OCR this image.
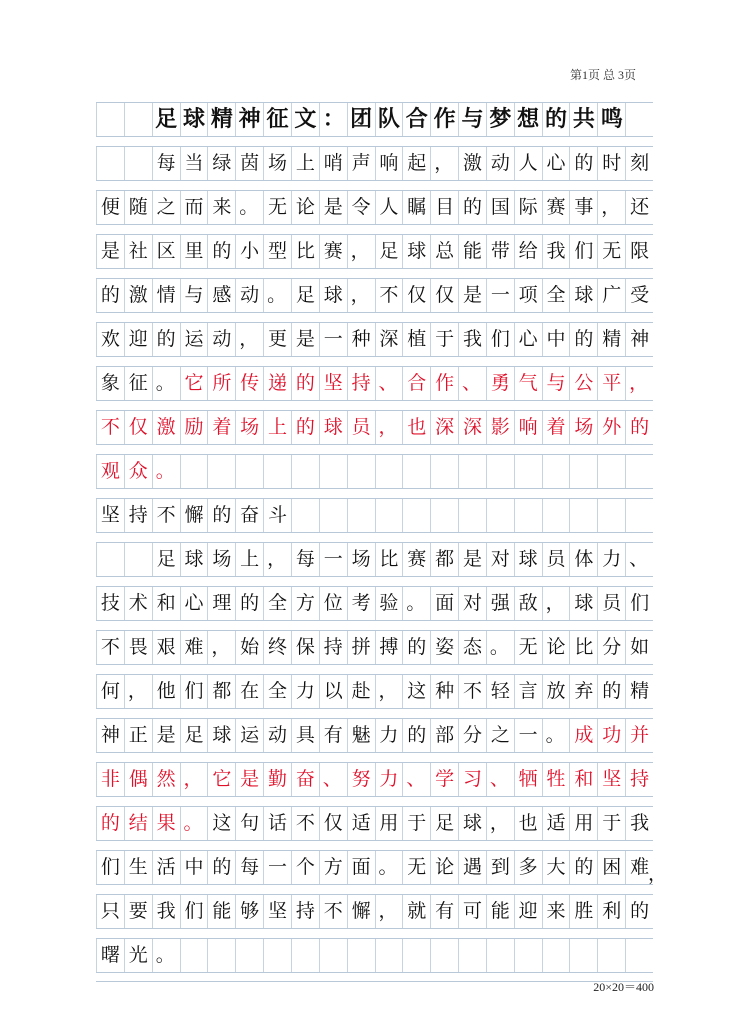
第1页 总 3页
足 球 精 神 征 文 ： 团 队 合 作 与 梦 想 的 共 鸣
每 当 绿 茵 场 上 哨 声 响 起 ， 激 动 人 心 的 时 刻
便 随 之 而 来 。 无 论 是 令 人 瞩 目 的 国 际 赛 事 ， 还
是 社 区 里 的 小 型 比 赛 ， 足 球 总 能 带 给 我 们 无 限
的 激 情 与 感 动 。 足 球 ， 不 仅 仅 是 一 项 全 球 广 受
欢 迎 的 运 动 ， 更 是 一 种 深 植 于 我 们 心 中 的 精 神
象 征 。 它 所 传 递 的 坚 持 、 合 作 、 勇 气 与 公 平 ，
不 仅 激 励 着 场 上 的 球 员 ， 也 深 深 影 响 着 场 外 的
观 众 。
坚 持 不 懈 的 奋 斗
足 球 场 上 ， 每 一 场 比 赛 都 是 对 球 员 体 力 、
技 术 和 心 理 的 全 方 位 考 验 。 面 对 强 敌 ， 球 员 们
不 畏 艰 难 ， 始 终 保 持 拼 搏 的 姿 态 。 无 论 比 分 如
何 ， 他 们 都 在 全 力 以 赴 ， 这 种 不 轻 言 放 弃 的 精
神 正 是 足 球 运 动 具 有 魅 力 的 部 分 之 一 。 成 功 并
非 偶 然 ， 它 是 勤 奋 、 努 力 、 学 习 、 牺 牲 和 坚 持
的 结 果 。 这 句 话 不 仅 适 用 于 足 球 ， 也 适 用 于 我
们 生 活 中 的 每 一 个 方 面 。 无 论 遇 到 多 大 的 困 难
，
只 要 我 们 能 够 坚 持 不 懈 ， 就 有 可 能 迎 来 胜 利 的
曙 光 。
20×20＝400
